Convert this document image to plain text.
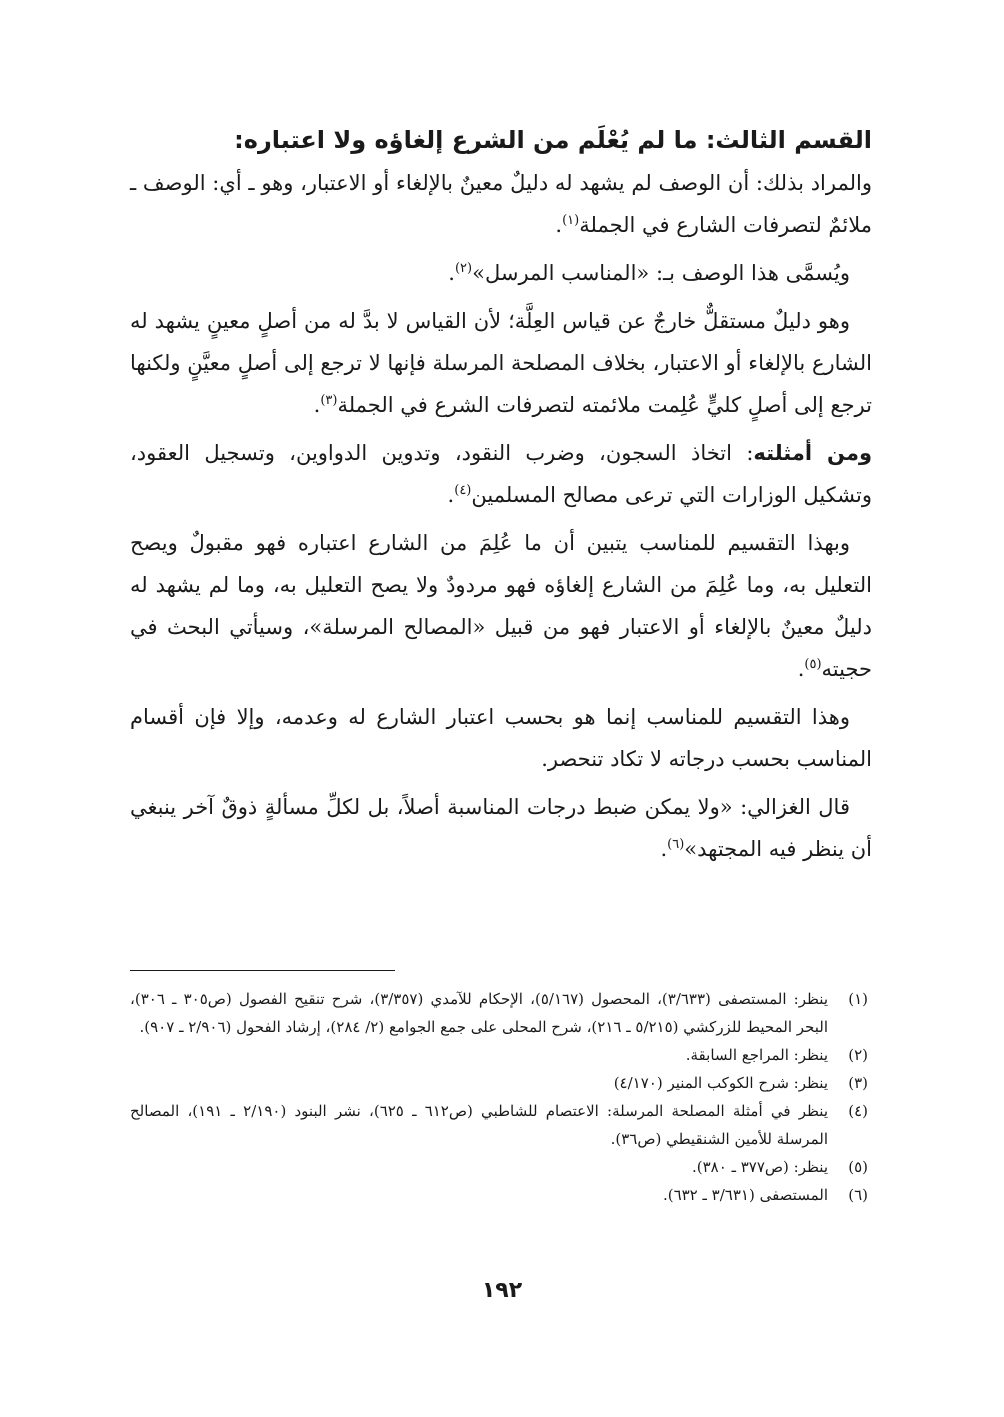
القسم الثالث: ما لم يُعْلَم من الشرع إلغاؤه ولا اعتباره:

والمراد بذلك: أن الوصف لم يشهد له دليلٌ معينٌ بالإلغاء أو الاعتبار، وهو ـ أي: الوصف ـ ملائمٌ لتصرفات الشارع في الجملة$^{(١)}$.

ويُسمَّى هذا الوصف بـ: «المناسب المرسل»$^{(٢)}$.

وهو دليلٌ مستقلٌّ خارجٌ عن قياس العِلَّة؛ لأن القياس لا بدَّ له من أصلٍ معينٍ يشهد له الشارع بالإلغاء أو الاعتبار، بخلاف المصلحة المرسلة فإنها لا ترجع إلى أصلٍ معيَّنٍ ولكنها ترجع إلى أصلٍ كليٍّ عُلِمت ملائمته لتصرفات الشرع في الجملة$^{(٣)}$.

ومن أمثلته: اتخاذ السجون، وضرب النقود، وتدوين الدواوين، وتسجيل العقود، وتشكيل الوزارات التي ترعى مصالح المسلمين$^{(٤)}$.

وبهذا التقسيم للمناسب يتبين أن ما عُلِمَ من الشارع اعتباره فهو مقبولٌ ويصح التعليل به، وما عُلِمَ من الشارع إلغاؤه فهو مردودٌ ولا يصح التعليل به، وما لم يشهد له دليلٌ معينٌ بالإلغاء أو الاعتبار فهو من قبيل «المصالح المرسلة»، وسيأتي البحث في حجيته$^{(٥)}$.

وهذا التقسيم للمناسب إنما هو بحسب اعتبار الشارع له وعدمه، وإلا فإن أقسام المناسب بحسب درجاته لا تكاد تنحصر.

قال الغزالي: «ولا يمكن ضبط درجات المناسبة أصلاً، بل لكلِّ مسألةٍ ذوقٌ آخر ينبغي أن ينظر فيه المجتهد»$^{(٦)}$.

(١)
ينظر: المستصفى (٣/٦٣٣)، المحصول (٥/١٦٧)، الإحكام للآمدي (٣/٣٥٧)، شرح تنقيح الفصول (ص٣٠٥ ـ ٣٠٦)، البحر المحيط للزركشي (٥/٢١٥ ـ ٢١٦)، شرح المحلى على جمع الجوامع (٢/ ٢٨٤)، إرشاد الفحول (٢/٩٠٦ ـ ٩٠٧).
(٢)
ينظر: المراجع السابقة.
(٣)
ينظر: شرح الكوكب المنير (٤/١٧٠)
(٤)
ينظر في أمثلة المصلحة المرسلة: الاعتصام للشاطبي (ص٦١٢ ـ ٦٢٥)، نشر البنود (٢/١٩٠ ـ ١٩١)، المصالح المرسلة للأمين الشنقيطي (ص٣٦).
(٥)
ينظر: (ص٣٧٧ ـ ٣٨٠).
(٦)
المستصفى (٣/٦٣١ ـ ٦٣٢).
١٩٢
